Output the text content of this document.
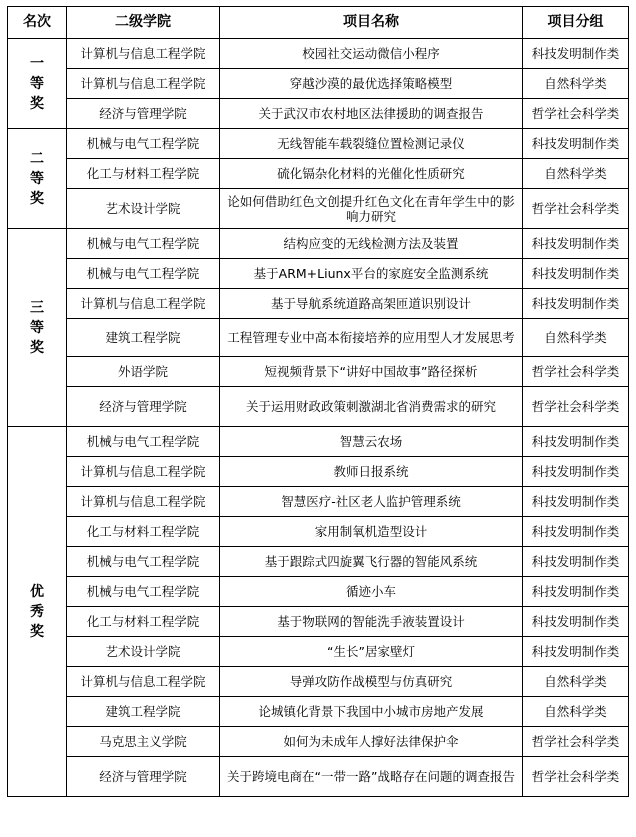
名次	二级学院	项目名称	项目分组
一等奖	计算机与信息工程学院	校园社交运动微信小程序	科技发明制作类
	计算机与信息工程学院	穿越沙漠的最优选择策略模型	自然科学类
	经济与管理学院	关于武汉市农村地区法律援助的调查报告	哲学社会科学类
二等奖	机械与电气工程学院	无线智能车载裂缝位置检测记录仪	科技发明制作类
	化工与材料工程学院	硫化镉杂化材料的光催化性质研究	自然科学类
	艺术设计学院	论如何借助红色文创提升红色文化在青年学生中的影响力研究	哲学社会科学类
三等奖	机械与电气工程学院	结构应变的无线检测方法及装置	科技发明制作类
	机械与电气工程学院	基于ARM+Liunx平台的家庭安全监测系统	科技发明制作类
	计算机与信息工程学院	基于导航系统道路高架匝道识别设计	科技发明制作类
	建筑工程学院	工程管理专业中高本衔接培养的应用型人才发展思考	自然科学类
	外语学院	短视频背景下“讲好中国故事”路径探析	哲学社会科学类
	经济与管理学院	关于运用财政政策刺激湖北省消费需求的研究	哲学社会科学类
优秀奖	机械与电气工程学院	智慧云农场	科技发明制作类
	计算机与信息工程学院	教师日报系统	科技发明制作类
	计算机与信息工程学院	智慧医疗-社区老人监护管理系统	科技发明制作类
	化工与材料工程学院	家用制氧机造型设计	科技发明制作类
	机械与电气工程学院	基于跟踪式四旋翼飞行器的智能风系统	科技发明制作类
	机械与电气工程学院	循迹小车	科技发明制作类
	化工与材料工程学院	基于物联网的智能洗手液装置设计	科技发明制作类
	艺术设计学院	“生长”居家壁灯	科技发明制作类
	计算机与信息工程学院	导弹攻防作战模型与仿真研究	自然科学类
	建筑工程学院	论城镇化背景下我国中小城市房地产发展	自然科学类
	马克思主义学院	如何为未成年人撑好法律保护伞	哲学社会科学类
	经济与管理学院	关于跨境电商在“一带一路”战略存在问题的调查报告	哲学社会科学类
